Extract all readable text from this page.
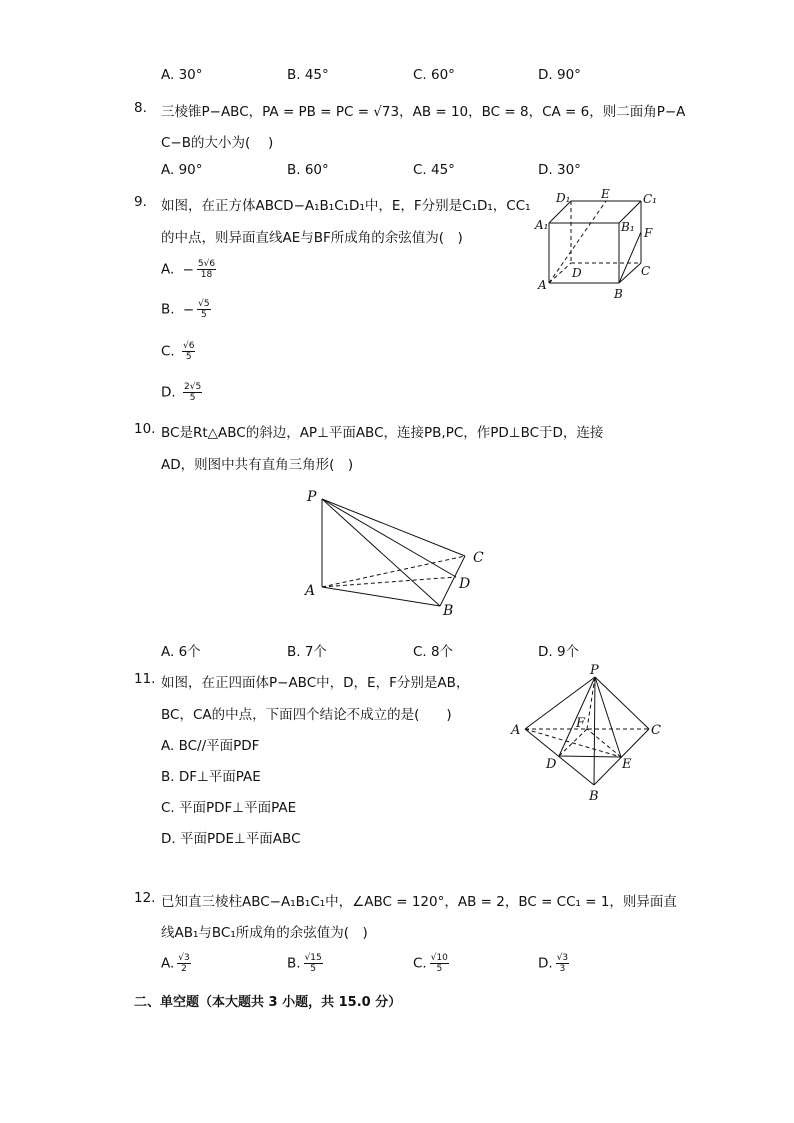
A. 30°	B. 45°	C. 60°	D. 90°
8. 三棱锥P−ABC，PA = PB = PC = √73，AB = 10，BC = 8，CA = 6，则二面角P−A
C−B的大小为(　 )
A. 90°	B. 60°	C. 45°	D. 30°
9. 如图，在正方体ABCD−A₁B₁C₁D₁中，E，F分别是C₁D₁，CC₁
的中点，则异面直线AE与BF所成角的余弦值为(　)
A. − $\frac{5√6}{18}$
B. − $\frac{√5}{5}$
C. $\frac{√6}{5}$
D. $\frac{2√5}{5}$
D₁	E	C₁
A₁	B₁ F
D	C
A
B
10. BC是Rt△ABC的斜边，AP⊥平面ABC，连接PB,PC，作PD⊥BC于D，连接
AD，则图中共有直角三角形(　)
P
C
D
A
B
A. 6个	B. 7个	C. 8个	D. 9个
11. 如图，在正四面体P−ABC中，D，E，F分别是AB，
BC，CA的中点，下面四个结论不成立的是(　　)
A. BC//平面PDF
B. DF⊥平面PAE
C. 平面PDF⊥平面PAE
D. 平面PDE⊥平面ABC
P
A	F	C
D	E
B
12. 已知直三棱柱ABC−A₁B₁C₁中，∠ABC = 120°，AB = 2，BC = CC₁ = 1，则异面直
线AB₁与BC₁所成角的余弦值为(　)
A. $\frac{√3}{2}$	B. $\frac{√15}{5}$	C. $\frac{√10}{5}$	D. $\frac{√3}{3}$
二、单空题（本大题共 3 小题，共 15.0 分）
